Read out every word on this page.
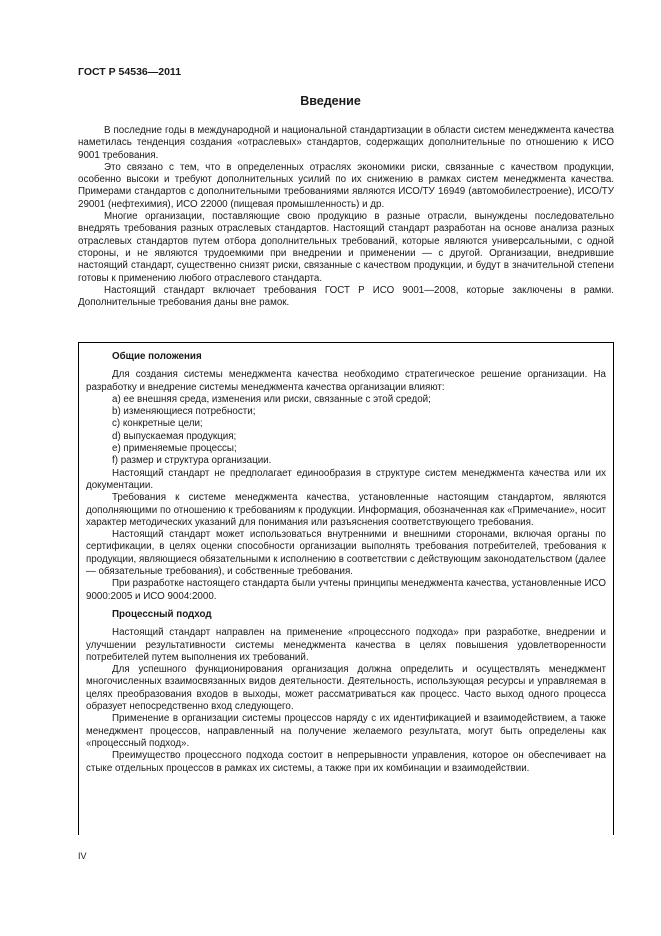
ГОСТ Р 54536—2011
Введение

В последние годы в международной и национальной стандартизации в области систем менеджмента качества наметилась тенденция создания «отраслевых» стандартов, содержащих дополнительные по отношению к ИСО 9001 требования.

Это связано с тем, что в определенных отраслях экономики риски, связанные с качеством продукции, особенно высоки и требуют дополнительных усилий по их снижению в рамках систем менеджмента качества. Примерами стандартов с дополнительными требованиями являются ИСО/ТУ 16949 (автомобилестроение), ИСО/ТУ 29001 (нефтехимия), ИСО 22000 (пищевая промышленность) и др.

Многие организации, поставляющие свою продукцию в разные отрасли, вынуждены последовательно внедрять требования разных отраслевых стандартов. Настоящий стандарт разработан на основе анализа разных отраслевых стандартов путем отбора дополнительных требований, которые являются универсальными, с одной стороны, и не являются трудоемкими при внедрении и применении — с другой. Организации, внедрившие настоящий стандарт, существенно снизят риски, связанные с качеством продукции, и будут в значительной степени готовы к применению любого отраслевого стандарта.

Настоящий стандарт включает требования ГОСТ Р ИСО 9001—2008, которые заключены в рамки. Дополнительные требования даны вне рамок.

Общие положения

Для создания системы менеджмента качества необходимо стратегическое решение организации. На разработку и внедрение системы менеджмента качества организации влияют:

a) ее внешняя среда, изменения или риски, связанные с этой средой;
b) изменяющиеся потребности;
c) конкретные цели;
d) выпускаемая продукция;
e) применяемые процессы;
f) размер и структура организации.

Настоящий стандарт не предполагает единообразия в структуре систем менеджмента качества или их документации.

Требования к системе менеджмента качества, установленные настоящим стандартом, являются дополняющими по отношению к требованиям к продукции. Информация, обозначенная как «Примечание», носит характер методических указаний для понимания или разъяснения соответствующего требования.

Настоящий стандарт может использоваться внутренними и внешними сторонами, включая органы по сертификации, в целях оценки способности организации выполнять требования потребителей, требования к продукции, являющиеся обязательными к исполнению в соответствии с действующим законодательством (далее — обязательные требования), и собственные требования.

При разработке настоящего стандарта были учтены принципы менеджмента качества, установленные ИСО 9000:2005 и ИСО 9004:2000.

Процессный подход

Настоящий стандарт направлен на применение «процессного подхода» при разработке, внедрении и улучшении результативности системы менеджмента качества в целях повышения удовлетворенности потребителей путем выполнения их требований.

Для успешного функционирования организация должна определить и осуществлять менеджмент многочисленных взаимосвязанных видов деятельности. Деятельность, использующая ресурсы и управляемая в целях преобразования входов в выходы, может рассматриваться как процесс. Часто выход одного процесса образует непосредственно вход следующего.

Применение в организации системы процессов наряду с их идентификацией и взаимодействием, а также менеджмент процессов, направленный на получение желаемого результата, могут быть определены как «процессный подход».

Преимущество процессного подхода состоит в непрерывности управления, которое он обеспечивает на стыке отдельных процессов в рамках их системы, а также при их комбинации и взаимодействии.

IV
